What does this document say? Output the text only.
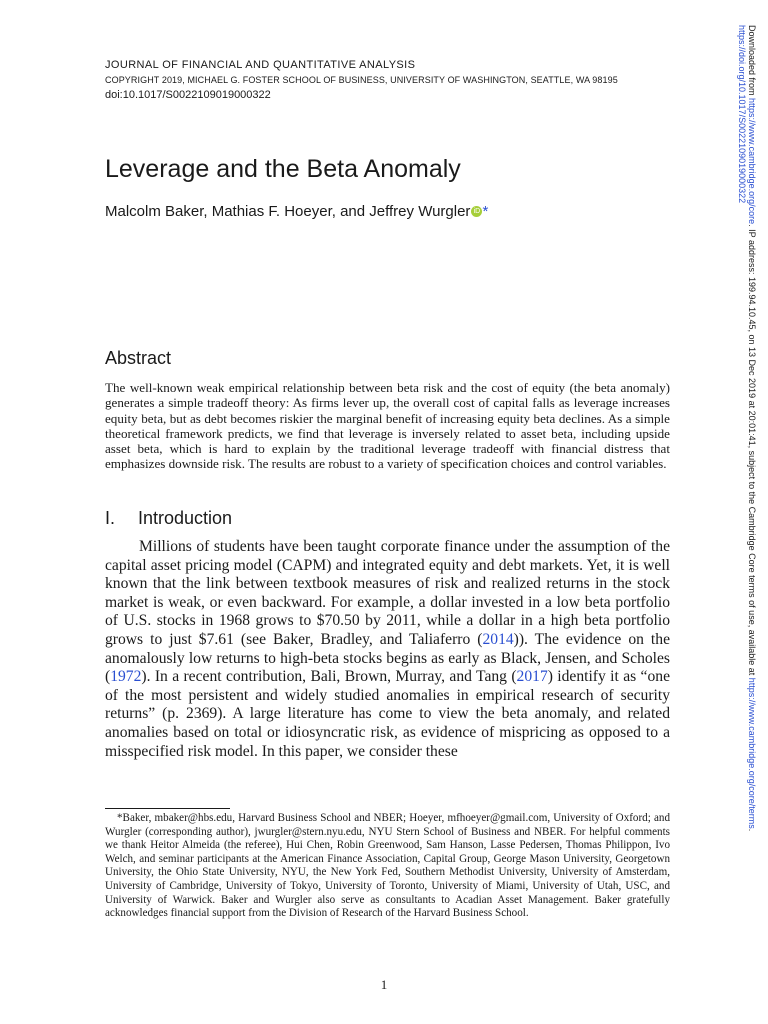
JOURNAL OF FINANCIAL AND QUANTITATIVE ANALYSIS
COPYRIGHT 2019, MICHAEL G. FOSTER SCHOOL OF BUSINESS, UNIVERSITY OF WASHINGTON, SEATTLE, WA 98195
doi:10.1017/S0022109019000322
Leverage and the Beta Anomaly
Malcolm Baker, Mathias F. Hoeyer, and Jeffrey Wurgler iD *
Abstract

The well-known weak empirical relationship between beta risk and the cost of equity (the beta anomaly) generates a simple tradeoff theory: As firms lever up, the overall cost of capital falls as leverage increases equity beta, but as debt becomes riskier the marginal benefit of increasing equity beta declines. As a simple theoretical framework predicts, we find that leverage is inversely related to asset beta, including upside asset beta, which is hard to explain by the traditional leverage tradeoff with financial distress that emphasizes downside risk. The results are robust to a variety of specification choices and control variables.

I. Introduction

Millions of students have been taught corporate finance under the assumption of the capital asset pricing model (CAPM) and integrated equity and debt markets. Yet, it is well known that the link between textbook measures of risk and realized returns in the stock market is weak, or even backward. For example, a dollar invested in a low beta portfolio of U.S. stocks in 1968 grows to $70.50 by 2011, while a dollar in a high beta portfolio grows to just $7.61 (see Baker, Bradley, and Taliaferro (2014)). The evidence on the anomalously low returns to high-beta stocks begins as early as Black, Jensen, and Scholes (1972). In a recent contribution, Bali, Brown, Murray, and Tang (2017) identify it as “one of the most persistent and widely studied anomalies in empirical research of security returns” (p. 2369). A large literature has come to view the beta anomaly, and related anomalies based on total or idiosyncratic risk, as evidence of mispricing as opposed to a misspecified risk model. In this paper, we consider these

*Baker, mbaker@hbs.edu, Harvard Business School and NBER; Hoeyer, mfhoeyer@gmail.com, University of Oxford; and Wurgler (corresponding author), jwurgler@stern.nyu.edu, NYU Stern School of Business and NBER. For helpful comments we thank Heitor Almeida (the referee), Hui Chen, Robin Greenwood, Sam Hanson, Lasse Pedersen, Thomas Philippon, Ivo Welch, and seminar participants at the American Finance Association, Capital Group, George Mason University, Georgetown University, the Ohio State University, NYU, the New York Fed, Southern Methodist University, University of Amsterdam, University of Cambridge, University of Tokyo, University of Toronto, University of Miami, University of Utah, USC, and University of Warwick. Baker and Wurgler also serve as consultants to Acadian Asset Management. Baker gratefully acknowledges financial support from the Division of Research of the Harvard Business School.

1
Downloaded from https://www.cambridge.org/core. IP address: 199.94.10.45, on 13 Dec 2019 at 20:01:41, subject to the Cambridge Core terms of use, available at https://www.cambridge.org/core/terms.
https://doi.org/10.1017/S0022109019000322
